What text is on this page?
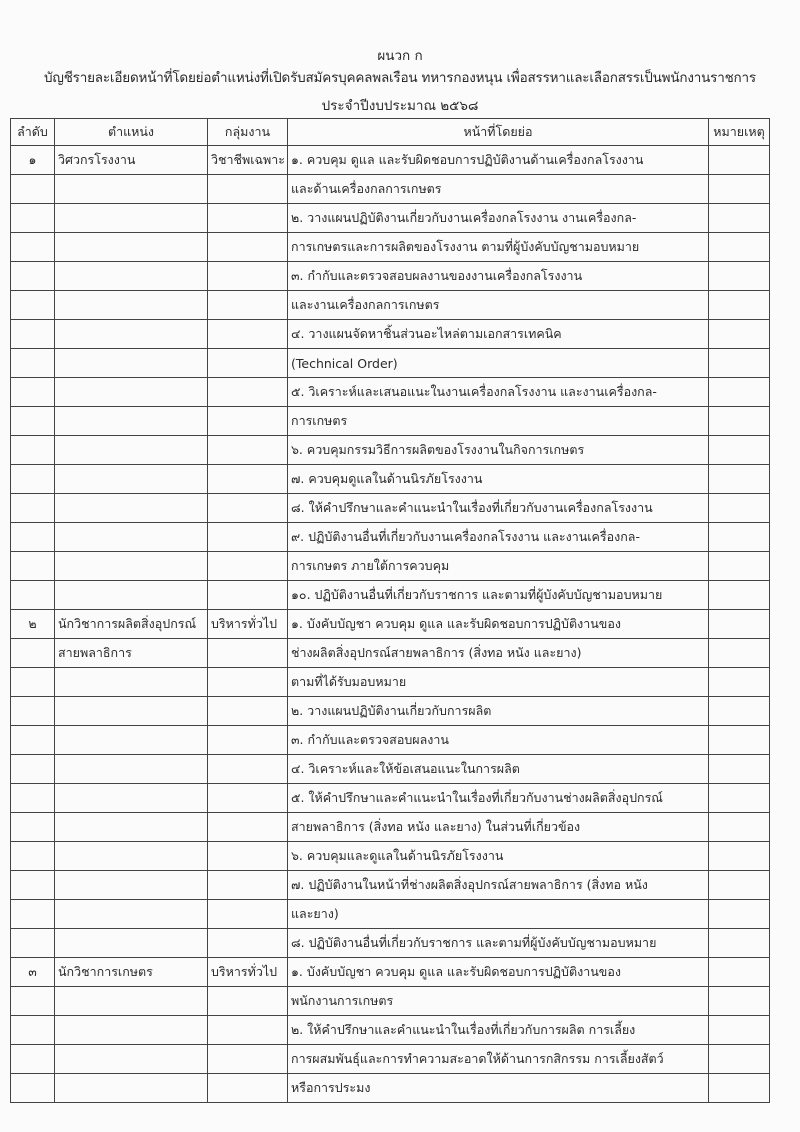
ผนวก ก
บัญชีรายละเอียดหน้าที่โดยย่อตำแหน่งที่เปิดรับสมัครบุคคลพลเรือน ทหารกองหนุน เพื่อสรรหาและเลือกสรรเป็นพนักงานราชการ
ประจำปีงบประมาณ ๒๕๖๘
ลำดับ	ตำแหน่ง	กลุ่มงาน	หน้าที่โดยย่อ	หมายเหตุ
๑	วิศวกรโรงงาน	วิชาชีพเฉพาะ	๑. ควบคุม ดูแล และรับผิดชอบการปฏิบัติงานด้านเครื่องกลโรงงาน	
			และด้านเครื่องกลการเกษตร	
			๒. วางแผนปฏิบัติงานเกี่ยวกับงานเครื่องกลโรงงาน งานเครื่องกล-	
			การเกษตรและการผลิตของโรงงาน ตามที่ผู้บังคับบัญชามอบหมาย	
			๓. กำกับและตรวจสอบผลงานของงานเครื่องกลโรงงาน	
			และงานเครื่องกลการเกษตร	
			๔. วางแผนจัดหาชิ้นส่วนอะไหล่ตามเอกสารเทคนิค	
			(Technical Order)	
			๕. วิเคราะห์และเสนอแนะในงานเครื่องกลโรงงาน และงานเครื่องกล-	
			การเกษตร	
			๖. ควบคุมกรรมวิธีการผลิตของโรงงานในกิจการเกษตร	
			๗. ควบคุมดูแลในด้านนิรภัยโรงงาน	
			๘. ให้คำปรึกษาและคำแนะนำในเรื่องที่เกี่ยวกับงานเครื่องกลโรงงาน	
			๙. ปฏิบัติงานอื่นที่เกี่ยวกับงานเครื่องกลโรงงาน และงานเครื่องกล-	
			การเกษตร ภายใต้การควบคุม	
			๑๐. ปฏิบัติงานอื่นที่เกี่ยวกับราชการ และตามที่ผู้บังคับบัญชามอบหมาย	
๒	นักวิชาการผลิตสิ่งอุปกรณ์	บริหารทั่วไป	๑. บังคับบัญชา ควบคุม ดูแล และรับผิดชอบการปฏิบัติงานของ	
	สายพลาธิการ		ช่างผลิตสิ่งอุปกรณ์สายพลาธิการ (สิ่งทอ หนัง และยาง)	
			ตามที่ได้รับมอบหมาย	
			๒. วางแผนปฏิบัติงานเกี่ยวกับการผลิต	
			๓. กำกับและตรวจสอบผลงาน	
			๔. วิเคราะห์และให้ข้อเสนอแนะในการผลิต	
			๕. ให้คำปรึกษาและคำแนะนำในเรื่องที่เกี่ยวกับงานช่างผลิตสิ่งอุปกรณ์	
			สายพลาธิการ (สิ่งทอ หนัง และยาง) ในส่วนที่เกี่ยวข้อง	
			๖. ควบคุมและดูแลในด้านนิรภัยโรงงาน	
			๗. ปฏิบัติงานในหน้าที่ช่างผลิตสิ่งอุปกรณ์สายพลาธิการ (สิ่งทอ หนัง	
			และยาง)	
			๘. ปฏิบัติงานอื่นที่เกี่ยวกับราชการ และตามที่ผู้บังคับบัญชามอบหมาย	
๓	นักวิชาการเกษตร	บริหารทั่วไป	๑. บังคับบัญชา ควบคุม ดูแล และรับผิดชอบการปฏิบัติงานของ	
			พนักงานการเกษตร	
			๒. ให้คำปรึกษาและคำแนะนำในเรื่องที่เกี่ยวกับการผลิต การเลี้ยง	
			การผสมพันธุ์และการทำความสะอาดให้ด้านการกสิกรรม การเลี้ยงสัตว์	
			หรือการประมง	
